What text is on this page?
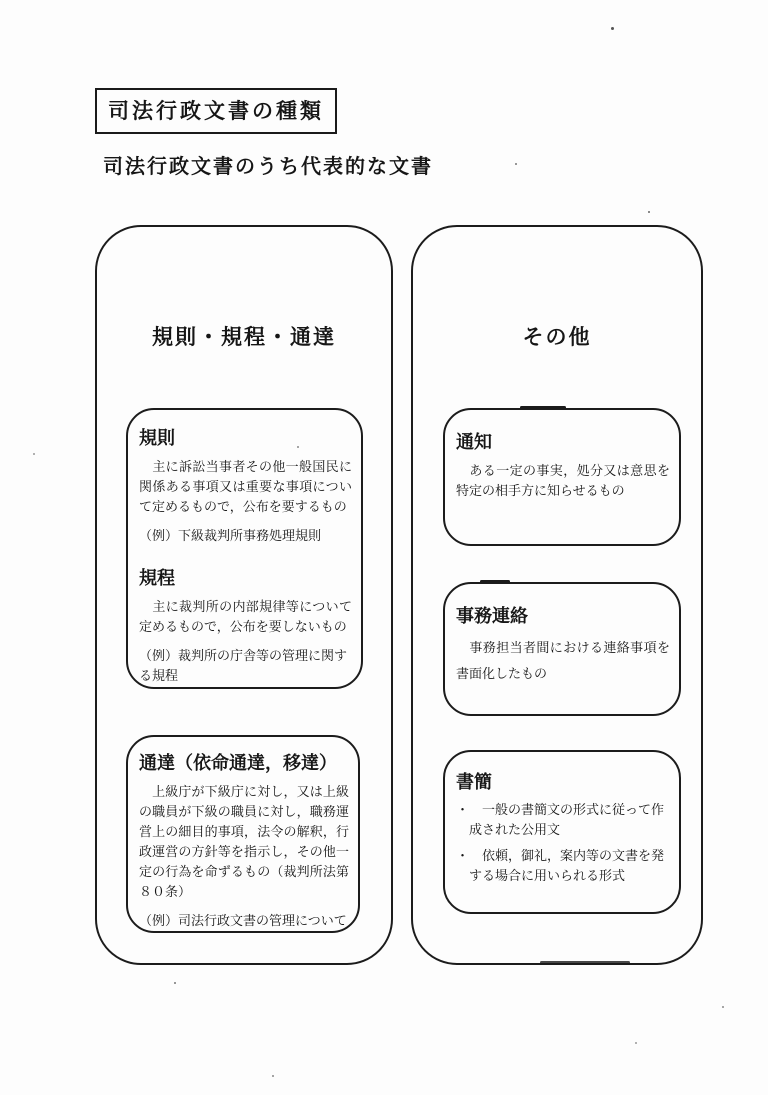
司法行政文書の種類
司法行政文書のうち代表的な文書
規則・規程・通達
規則

　主に訴訟当事者その他一般国民に関係ある事項又は重要な事項について定めるもので，公布を要するもの

（例）下級裁判所事務処理規則

規程

　主に裁判所の内部規律等について定めるもので，公布を要しないもの

（例）裁判所の庁舎等の管理に関する規程

通達（依命通達，移達）

　上級庁が下級庁に対し，又は上級の職員が下級の職員に対し，職務運営上の細目的事項，法令の解釈，行政運営の方針等を指示し，その他一定の行為を命ずるもの（裁判所法第８０条）

（例）司法行政文書の管理について

その他
通知

　ある一定の事実，処分又は意思を特定の相手方に知らせるもの

事務連絡

　事務担当者間における連絡事項を書面化したもの

書簡

・ 一般の書簡文の形式に従って作成された公用文

・ 依頼，御礼，案内等の文書を発する場合に用いられる形式
